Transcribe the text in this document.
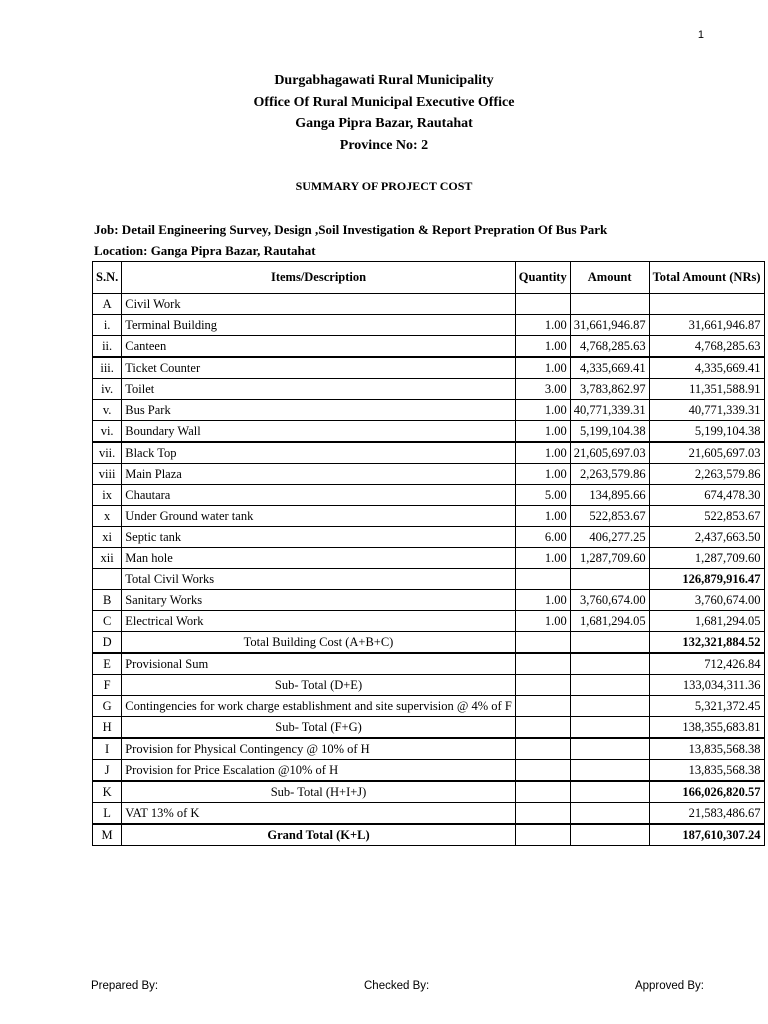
1
Durgabhagawati Rural Municipality
Office Of Rural Municipal Executive Office
Ganga Pipra Bazar, Rautahat
Province No: 2
SUMMARY OF PROJECT COST
Job: Detail Engineering Survey, Design ,Soil Investigation & Report Prepration Of Bus Park
Location: Ganga Pipra Bazar, Rautahat
S.N.	Items/Description	Quantity	Amount	Total Amount (NRs)
A	Civil Work			
i.	Terminal Building	1.00	31,661,946.87	31,661,946.87
ii.	Canteen	1.00	4,768,285.63	4,768,285.63
iii.	Ticket Counter	1.00	4,335,669.41	4,335,669.41
iv.	Toilet	3.00	3,783,862.97	11,351,588.91
v.	Bus Park	1.00	40,771,339.31	40,771,339.31
vi.	Boundary Wall	1.00	5,199,104.38	5,199,104.38
vii.	Black Top	1.00	21,605,697.03	21,605,697.03
viii	Main Plaza	1.00	2,263,579.86	2,263,579.86
ix	Chautara	5.00	134,895.66	674,478.30
x	Under Ground water tank	1.00	522,853.67	522,853.67
xi	Septic tank	6.00	406,277.25	2,437,663.50
xii	Man hole	1.00	1,287,709.60	1,287,709.60
	Total Civil Works			126,879,916.47
B	Sanitary Works	1.00	3,760,674.00	3,760,674.00
C	Electrical Work	1.00	1,681,294.05	1,681,294.05
D	Total Building Cost (A+B+C)			132,321,884.52
E	Provisional Sum			712,426.84
F	Sub- Total (D+E)			133,034,311.36
G	Contingencies for work charge establishment and site supervision @ 4% of F			5,321,372.45
H	Sub- Total (F+G)			138,355,683.81
I	Provision for Physical Contingency @ 10% of H			13,835,568.38
J	Provision for Price Escalation @10% of H			13,835,568.38
K	Sub- Total (H+I+J)			166,026,820.57
L	VAT 13% of K			21,583,486.67
M	Grand Total (K+L)			187,610,307.24
Prepared By:	Checked By:	Approved By:
